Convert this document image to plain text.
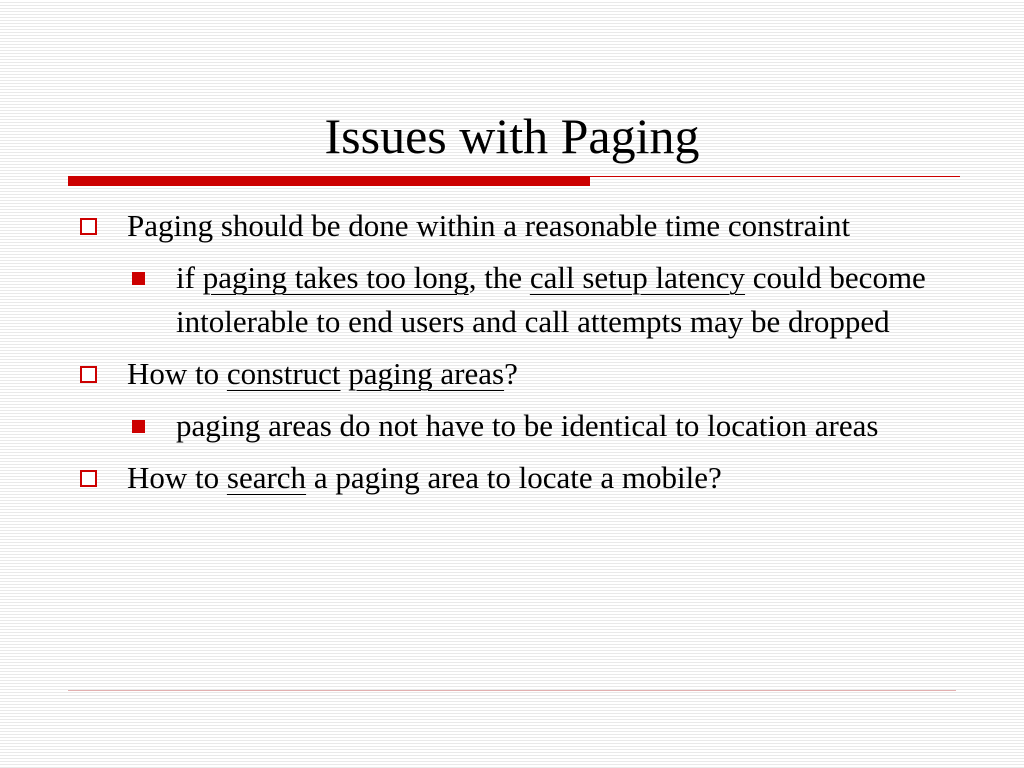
Issues with Paging
Paging should be done within a reasonable time constraint
if paging takes too long, the call setup latency could become intolerable to end users and call attempts may be dropped
How to construct paging areas?
paging areas do not have to be identical to location areas
How to search a paging area to locate a mobile?
